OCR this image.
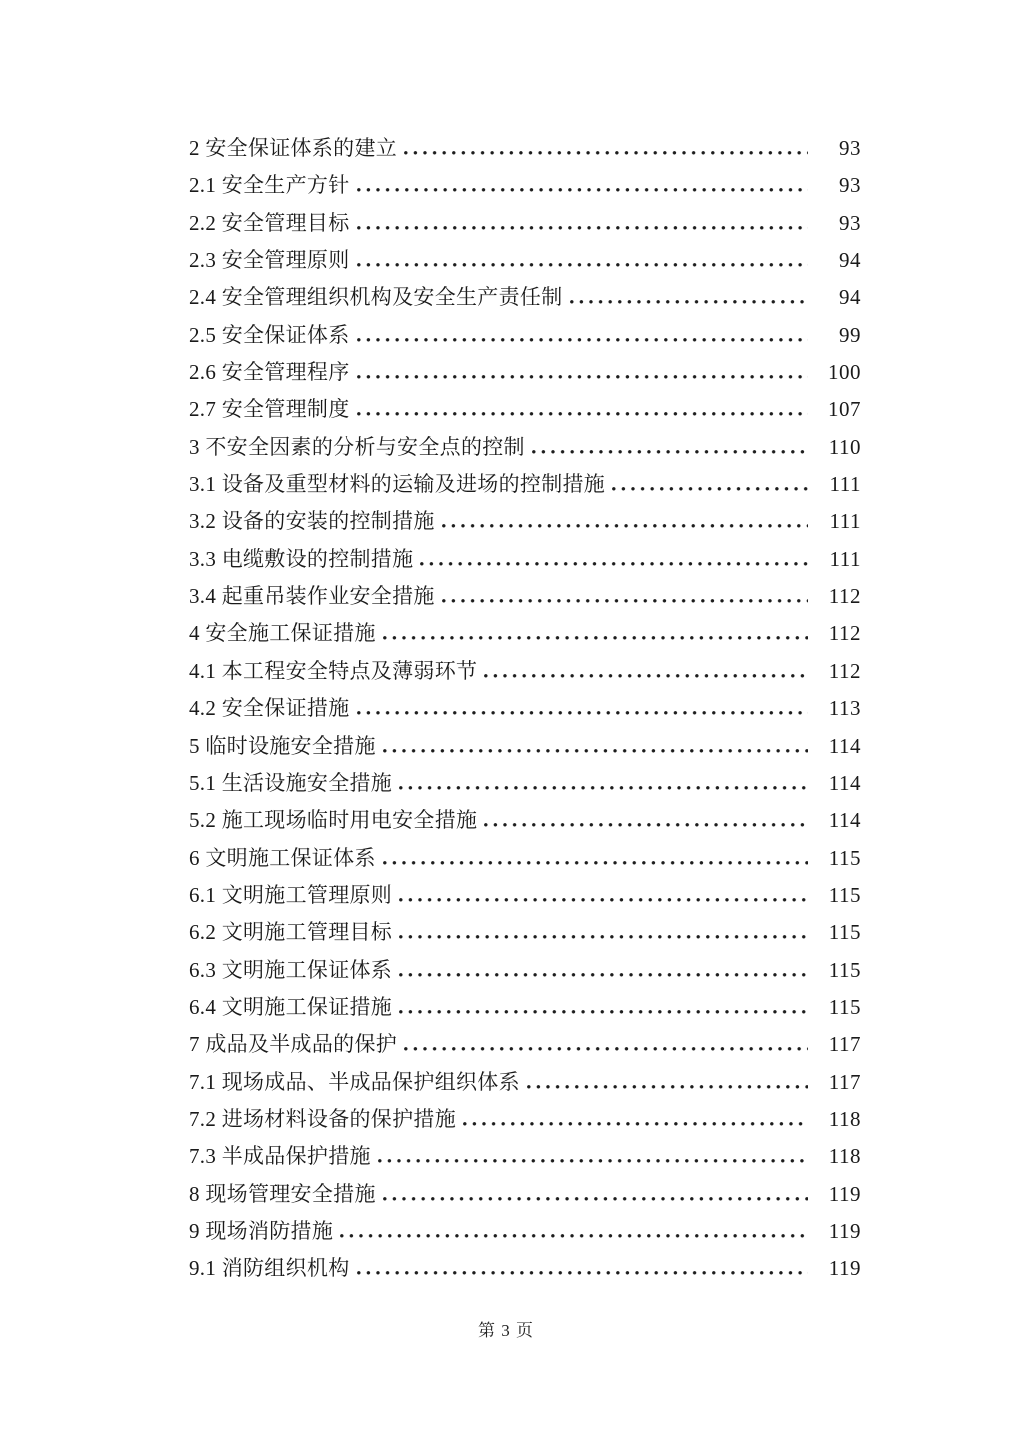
2 安全保证体系的建立	93
2.1 安全生产方针	93
2.2 安全管理目标	93
2.3 安全管理原则	94
2.4 安全管理组织机构及安全生产责任制	94
2.5 安全保证体系	99
2.6 安全管理程序	100
2.7 安全管理制度	107
3 不安全因素的分析与安全点的控制	110
3.1 设备及重型材料的运输及进场的控制措施	111
3.2 设备的安装的控制措施	111
3.3 电缆敷设的控制措施	111
3.4 起重吊装作业安全措施	112
4 安全施工保证措施	112
4.1 本工程安全特点及薄弱环节	112
4.2 安全保证措施	113
5 临时设施安全措施	114
5.1 生活设施安全措施	114
5.2 施工现场临时用电安全措施	114
6 文明施工保证体系	115
6.1 文明施工管理原则	115
6.2 文明施工管理目标	115
6.3 文明施工保证体系	115
6.4 文明施工保证措施	115
7 成品及半成品的保护	117
7.1 现场成品、半成品保护组织体系	117
7.2 进场材料设备的保护措施	118
7.3 半成品保护措施	118
8 现场管理安全措施	119
9 现场消防措施	119
9.1 消防组织机构	119
第 3 页
